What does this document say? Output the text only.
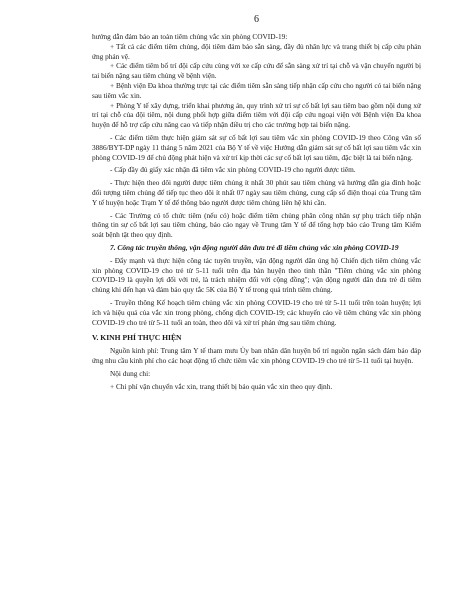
6

hướng dẫn đảm bảo an toàn tiêm chủng vắc xin phòng COVID-19:

+ Tất cả các điểm tiêm chủng, đội tiêm đảm bảo sẵn sàng, đầy đủ nhân lực và trang thiết bị cấp cứu phản ứng phản vệ.

+ Các điểm tiêm bố trí đội cấp cứu cùng với xe cấp cứu để sẵn sàng xử trí tại chỗ và vận chuyển người bị tai biến nặng sau tiêm chủng về bệnh viện.

+ Bệnh viện Đa khoa thường trực tại các điểm tiêm sẵn sàng tiếp nhận cấp cứu cho người có tai biến nặng sau tiêm vắc xin.

+ Phòng Y tế xây dựng, triển khai phương án, quy trình xử trí sự cố bất lợi sau tiêm bao gồm nội dung xử trí tại chỗ của đội tiêm, nội dung phối hợp giữa điểm tiêm với đội cấp cứu ngoại viện với Bệnh viện Đa khoa huyện để hỗ trợ cấp cứu nâng cao và tiếp nhận điều trị cho các trường hợp tai biến nặng.

- Các điểm tiêm thực hiện giám sát sự cố bất lợi sau tiêm vắc xin phòng COVID-19 theo Công văn số 3886/BYT-DP ngày 11 tháng 5 năm 2021 của Bộ Y tế về việc Hướng dẫn giám sát sự cố bất lợi sau tiêm vắc xin phòng COVID-19 để chủ động phát hiện và xử trí kịp thời các sự cố bất lợi sau tiêm, đặc biệt là tai biến nặng.

- Cấp đầy đủ giấy xác nhận đã tiêm vắc xin phòng COVID-19 cho người được tiêm.

- Thực hiện theo dõi người được tiêm chủng ít nhất 30 phút sau tiêm chủng và hướng dẫn gia đình hoặc đối tượng tiêm chủng để tiếp tục theo dõi ít nhất 07 ngày sau tiêm chủng, cung cấp số điện thoại của Trung tâm Y tế huyện hoặc Trạm Y tế để thông báo người được tiêm chủng liên hệ khi cần.

- Các Trường có tổ chức tiêm (nếu có) hoặc điểm tiêm chủng phân công nhân sự phụ trách tiếp nhận thông tin sự cố bất lợi sau tiêm chủng, báo cáo ngay về Trung tâm Y tế để tổng hợp báo cáo Trung tâm Kiểm soát bệnh tật theo quy định.

7. Công tác truyền thông, vận động người dân đưa trẻ đi tiêm chủng vắc xin phòng COVID-19

- Đẩy mạnh và thực hiện công tác tuyên truyền, vận động người dân ủng hộ Chiến dịch tiêm chủng vắc xin phòng COVID-19 cho trẻ từ 5-11 tuổi trên địa bàn huyện theo tinh thần "Tiêm chủng vắc xin phòng COVID-19 là quyền lợi đối với trẻ, là trách nhiệm đối với cộng đồng"; vận động người dân đưa trẻ đi tiêm chủng khi đến hạn và đảm bảo quy tắc 5K của Bộ Y tế trong quá trình tiêm chủng.

- Truyền thông Kế hoạch tiêm chủng vắc xin phòng COVID-19 cho trẻ từ 5-11 tuổi trên toàn huyện; lợi ích và hiệu quả của vắc xin trong phòng, chống dịch COVID-19; các khuyến cáo về tiêm chủng vắc xin phòng COVID-19 cho trẻ từ 5-11 tuổi an toàn, theo dõi và xử trí phản ứng sau tiêm chủng.

V. KINH PHÍ THỰC HIỆN

Nguồn kinh phí: Trung tâm Y tế tham mưu Ủy ban nhân dân huyện bố trí nguồn ngân sách đảm bảo đáp ứng nhu cầu kinh phí cho các hoạt động tổ chức tiêm vắc xin phòng COVID-19 cho trẻ từ 5-11 tuổi tại huyện.

Nội dung chi:

+ Chi phí vận chuyển vắc xin, trang thiết bị bảo quản vắc xin theo quy định.
